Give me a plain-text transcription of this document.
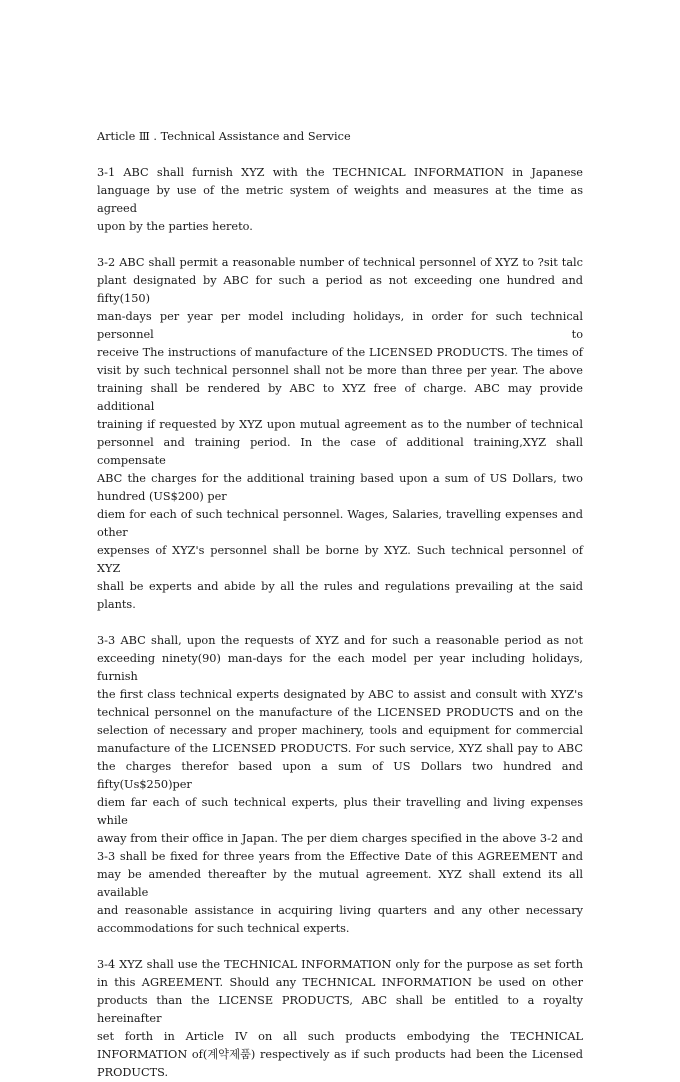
Article Ⅲ . Technical Assistance and Service
3-1 ABC shall furnish XYZ with the TECHNICAL INFORMATION in Japanese
language by use of the metric system of weights and measures at the time as agreed
upon by the parties hereto.
3-2 ABC shall permit a reasonable number of technical personnel of XYZ to ?sit talc
plant designated by ABC for such a period as not exceeding one hundred and fifty(150)
man-days per year per model including holidays, in order for such technical personnel to
receive The instructions of manufacture of the LICENSED PRODUCTS. The times of
visit by such technical personnel shall not be more than three per year. The above
training shall be rendered by ABC to XYZ free of charge. ABC may provide additional
training if requested by XYZ upon mutual agreement as to the number of technical
personnel and training period. In the case of additional training,XYZ shall compensate
ABC the charges for the additional training based upon a sum of US Dollars, two
hundred (US$200) per
diem for each of such technical personnel. Wages, Salaries, travelling expenses and other
expenses of XYZ's personnel shall be borne by XYZ. Such technical personnel of XYZ
shall be experts and abide by all the rules and regulations prevailing at the said plants.
3-3 ABC shall, upon the requests of XYZ and for such a reasonable period as not
exceeding ninety(90) man-days for the each model per year including holidays, furnish
the first class technical experts designated by ABC to assist and consult with XYZ's
technical personnel on the manufacture of the LICENSED PRODUCTS and on the
selection of necessary and proper machinery, tools and equipment for commercial
manufacture of the LICENSED PRODUCTS. For such service, XYZ shall pay to ABC
the charges therefor based upon a sum of US Dollars two hundred and fifty(Us$250)per
diem far each of such technical experts, plus their travelling and living expenses while
away from their office in Japan. The per diem charges specified in the above 3-2 and
3-3 shall be fixed for three years from the Effective Date of this AGREEMENT and
may be amended thereafter by the mutual agreement. XYZ shall extend its all available
and reasonable assistance in acquiring living quarters and any other necessary
accommodations for such technical experts.
3-4 XYZ shall use the TECHNICAL INFORMATION only for the purpose as set forth
in this AGREEMENT. Should any TECHNICAL INFORMATION be used on other
products than the LICENSE PRODUCTS, ABC shall be entitled to a royalty hereinafter
set forth in Article IV on all such products embodying the TECHNICAL
INFORMATION of(계약제품) respectively as if such products had been the Licensed
PRODUCTS.
